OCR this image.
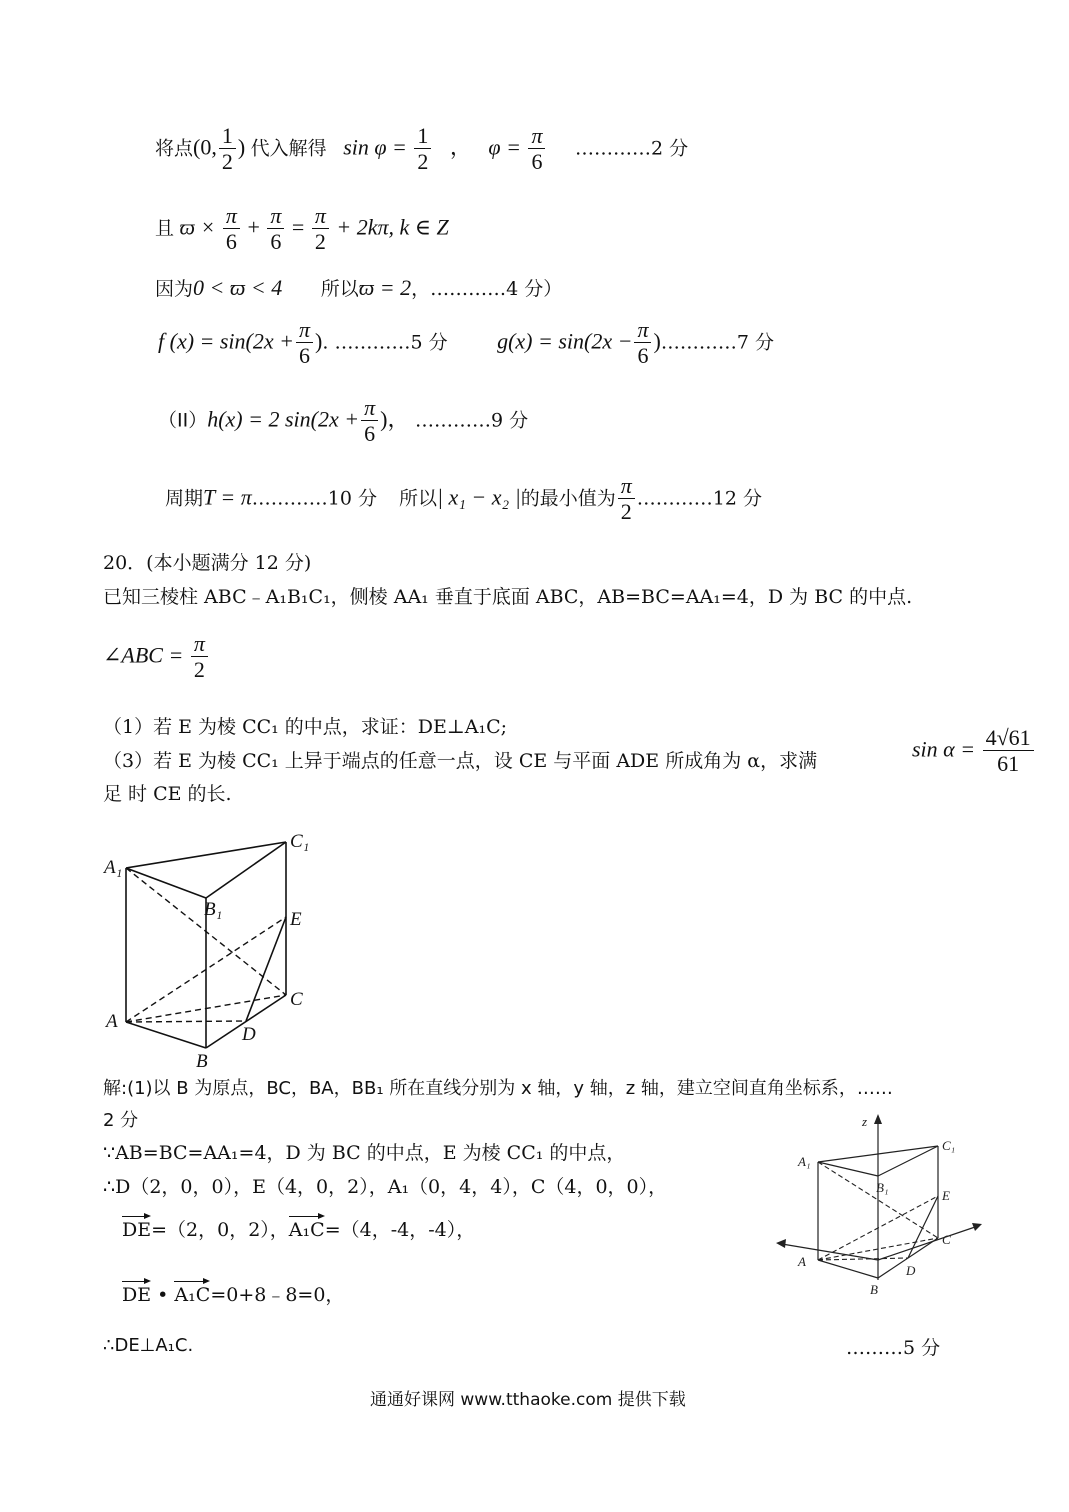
将点(0, $\frac{1}{2}$ ) 代入解得 $\sin \varphi = \frac{1}{2}$ ， $\varphi = \frac{\pi}{6}$ …………2 分
且 $ϖ \times \frac{\pi}{6} + \frac{\pi}{6} = \frac{\pi}{2} + 2k\pi$, k ∈ Z
因为0 < ϖ < 4 所以ϖ = 2，…………4 分）
f $(x) = \sin(2x + \frac{\pi}{6}$ ). …………5 分 $g(x) = \sin(2x - \frac{\pi}{6}$ )…………7 分
（II）h(x) = 2 $\sin(2x + \frac{\pi}{6}$ )， …………9 分
周期T = π…………10 分 所以| x₁ − x₂ |的最小值为 $\frac{\pi}{2}$ …………12 分
20．(本小题满分 12 分)
已知三棱柱 ABC﹣A₁B₁C₁，侧棱 AA₁ 垂直于底面 ABC，AB=BC=AA₁=4，D 为 BC 的中点.
∠ABC = $\frac{\pi}{2}$
（1）若 E 为棱 CC₁ 的中点，求证：DE⊥A₁C;
（3）若 E 为棱 CC₁ 上异于端点的任意一点，设 CE 与平面 ADE 所成角为 α，求满
足 时 CE 的长.
$\sin \alpha = \frac{4√61}{61}$
A₁
B₁
C₁
E
C
A
D
B
解:(1)以 B 为原点，BC，BA，BB₁ 所在直线分别为 x 轴，y 轴，z 轴，建立空间直角坐标系，……
2 分
∵AB=BC=AA₁=4，D 为 BC 的中点，E 为棱 CC₁ 的中点，
∴D（2，0，0），E（4，0，2），A₁（0，4，4），C（4，0，0），
DE=（2，0，2），A₁C=（4，-4，-4），
DE • A₁C=0+8﹣8=0，
∴DE⊥A₁C.	………5 分
z
A₁
B₁
C₁
E
C
A
D
B
通通好课网 www.tthaoke.com 提供下载
